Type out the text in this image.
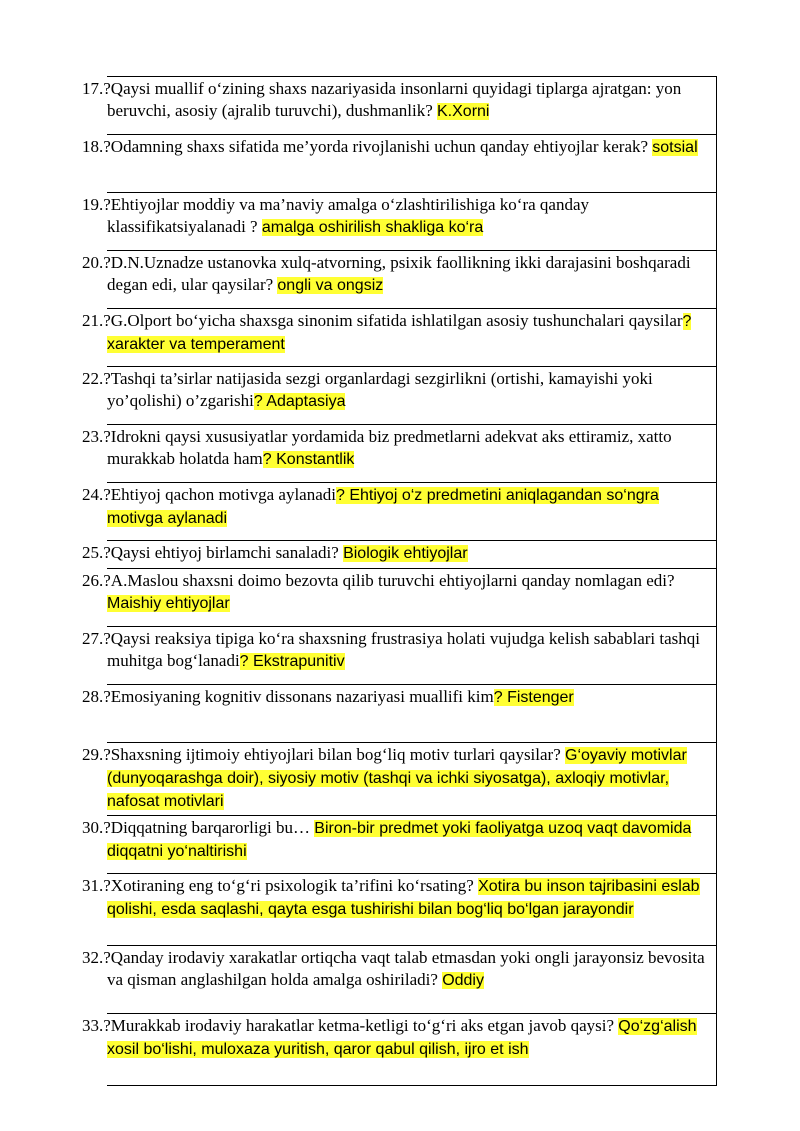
17.?Qaysi muallif o‘zining shaxs nazariyasida insonlarni quyidagi tiplarga ajratgan: yon beruvchi, asosiy (ajralib turuvchi), dushmanlik? K.Xorni
18.?Odamning shaxs sifatida me’yorda rivojlanishi uchun qanday ehtiyojlar kerak? sotsial
19.?Ehtiyojlar moddiy va ma’naviy amalga o‘zlashtirilishiga ko‘ra qanday klassifikatsiyalanadi ? amalga oshirilish shakliga ko‘ra
20.?D.N.Uznadze ustanovka xulq-atvorning, psixik faollikning ikki darajasini boshqaradi degan edi, ular qaysilar? ongli va ongsiz
21.?G.Olport bo‘yicha shaxsga sinonim sifatida ishlatilgan asosiy tushunchalari qaysilar? xarakter va temperament
22.?Tashqi ta’sirlar natijasida sezgi organlardagi sezgirlikni (ortishi, kamayishi yoki yo’qolishi) o’zgarishi? Adaptasiya
23.?Idrokni qaysi xususiyatlar yordamida biz predmetlarni adekvat aks ettiramiz, xatto murakkab holatda ham? Konstantlik
24.?Ehtiyoj qachon motivga aylanadi? Ehtiyoj o‘z predmetini aniqlagandan so‘ngra motivga aylanadi
25.?Qaysi ehtiyoj birlamchi sanaladi? Biologik ehtiyojlar
26.?A.Maslou shaxsni doimo bezovta qilib turuvchi ehtiyojlarni qanday nomlagan edi? Maishiy ehtiyojlar
27.?Qaysi reaksiya tipiga ko‘ra shaxsning frustrasiya holati vujudga kelish sabablari tashqi muhitga bog‘lanadi? Ekstrapunitiv
28.?Emosiyaning kognitiv dissonans nazariyasi muallifi kim? Fistenger
29.?Shaxsning ijtimoiy ehtiyojlari bilan bog‘liq motiv turlari qaysilar? G‘oyaviy motivlar (dunyoqarashga doir), siyosiy motiv (tashqi va ichki siyosatga), axloqiy motivlar, nafosat motivlari
30.?Diqqatning barqarorligi bu… Biron-bir predmet yoki faoliyatga uzoq vaqt davomida diqqatni yo‘naltirishi
31.?Xotiraning eng to‘g‘ri psixologik ta’rifini ko‘rsating? Xotira bu inson tajribasini eslab qolishi, esda saqlashi, qayta esga tushirishi bilan bog‘liq bo‘lgan jarayondir
32.?Qanday irodaviy xarakatlar ortiqcha vaqt talab etmasdan yoki ongli jarayonsiz bevosita va qisman anglashilgan holda amalga oshiriladi? Oddiy
33.?Murakkab irodaviy harakatlar ketma-ketligi to‘g‘ri aks etgan javob qaysi? Qo‘zg‘alish xosil bo‘lishi, muloxaza yuritish, qaror qabul qilish, ijro et ish
